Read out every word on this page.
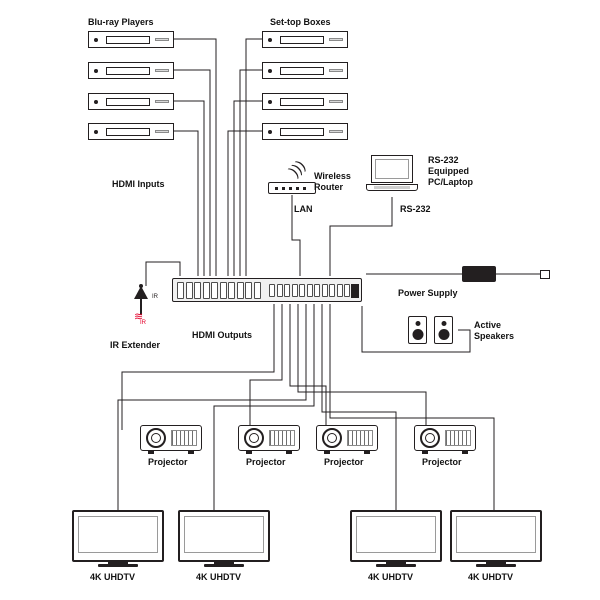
)))
≋
IR
IR
Blu-ray Players	Set-top Boxes
HDMI Inputs
HDMI Outputs
Wireless
Router
LAN
RS-232
Equipped
PC/Laptop
RS-232
Power Supply
Active
Speakers
IR Extender
Projector	Projector	Projector	Projector
4K UHDTV	4K UHDTV	4K UHDTV	4K UHDTV
